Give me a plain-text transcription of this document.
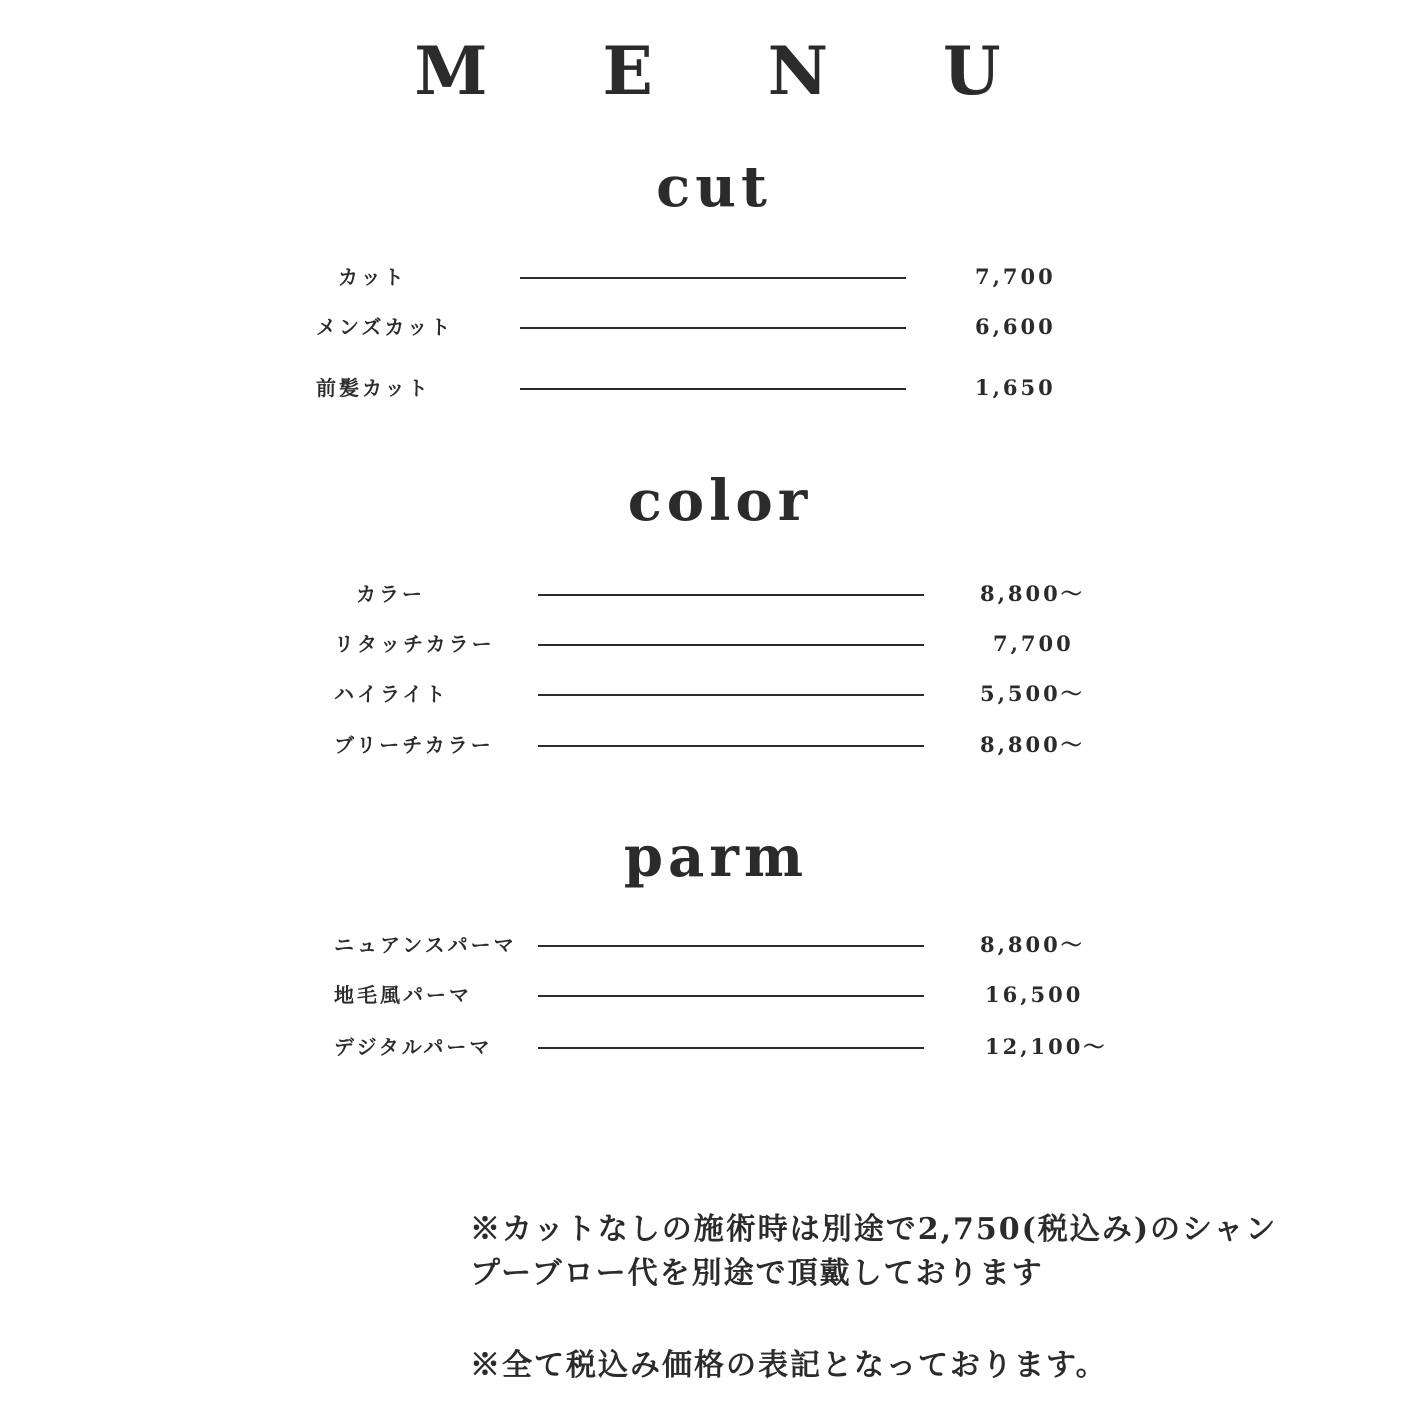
M E N U
cut
カット	7,700
メンズカット	6,600
前髪カット	1,650
color
カラー	8,800～
リタッチカラー	7,700
ハイライト	5,500～
ブリーチカラー	8,800～
parm
ニュアンスパーマ	8,800～
地毛風パーマ	16,500
デジタルパーマ	12,100～
※カットなしの施術時は別途で2,750(税込み)のシャン
プーブロー代を別途で頂戴しております
※全て税込み価格の表記となっております。
